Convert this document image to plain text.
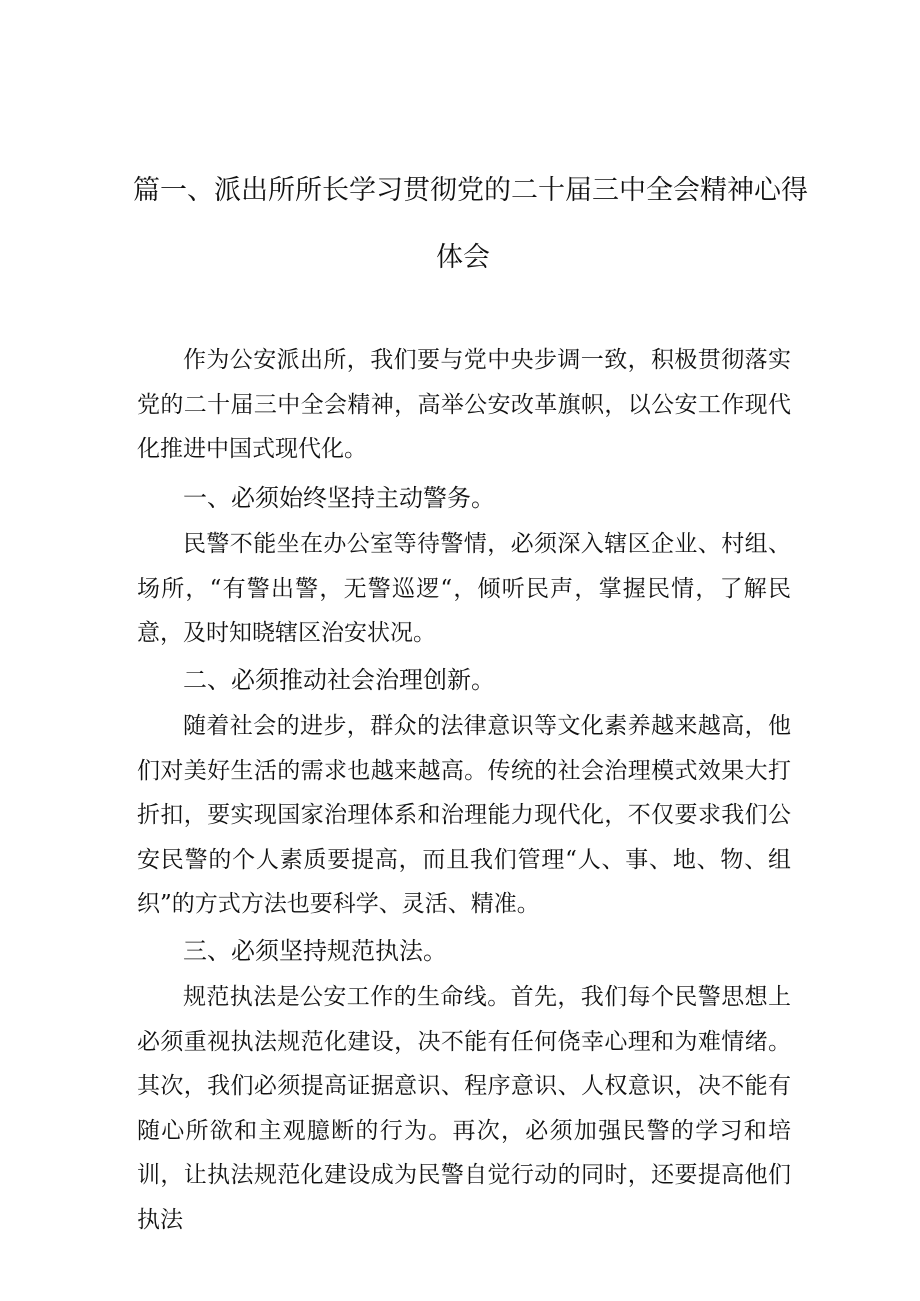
篇一、派出所所长学习贯彻党的二十届三中全会精神心得
体会

作为公安派出所，我们要与党中央步调一致，积极贯彻落实党的二十届三中全会精神，高举公安改革旗帜，以公安工作现代化推进中国式现代化。

一、必须始终坚持主动警务。

民警不能坐在办公室等待警情，必须深入辖区企业、村组、场所，“有警出警，无警巡逻“，倾听民声，掌握民情，了解民意，及时知晓辖区治安状况。

二、必须推动社会治理创新。

随着社会的进步，群众的法律意识等文化素养越来越高，他们对美好生活的需求也越来越高。传统的社会治理模式效果大打折扣，要实现国家治理体系和治理能力现代化，不仅要求我们公安民警的个人素质要提高，而且我们管理“人、事、地、物、组织”的方式方法也要科学、灵活、精准。

三、必须坚持规范执法。

规范执法是公安工作的生命线。首先，我们每个民警思想上必须重视执法规范化建设，决不能有任何侥幸心理和为难情绪。其次，我们必须提高证据意识、程序意识、人权意识，决不能有随心所欲和主观臆断的行为。再次，必须加强民警的学习和培训，让执法规范化建设成为民警自觉行动的同时，还要提高他们执法
